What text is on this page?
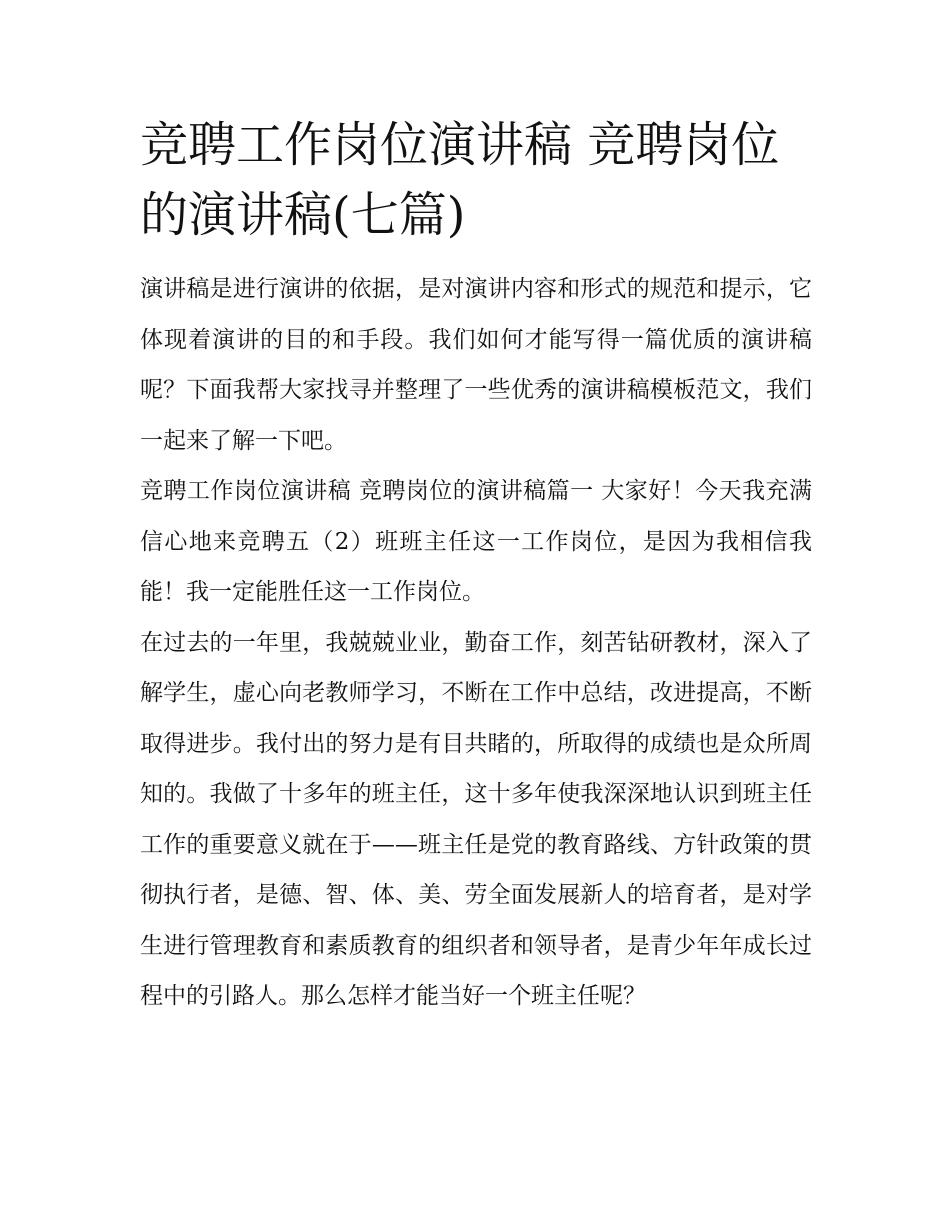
竞聘工作岗位演讲稿 竞聘岗位的演讲稿(七篇)

演讲稿是进行演讲的依据，是对演讲内容和形式的规范和提示，它体现着演讲的目的和手段。我们如何才能写得一篇优质的演讲稿呢？下面我帮大家找寻并整理了一些优秀的演讲稿模板范文，我们一起来了解一下吧。

竞聘工作岗位演讲稿 竞聘岗位的演讲稿篇一 大家好！今天我充满信心地来竞聘五（2）班班主任这一工作岗位，是因为我相信我能！我一定能胜任这一工作岗位。

在过去的一年里，我兢兢业业，勤奋工作，刻苦钻研教材，深入了解学生，虚心向老教师学习，不断在工作中总结，改进提高，不断取得进步。我付出的努力是有目共睹的，所取得的成绩也是众所周知的。我做了十多年的班主任，这十多年使我深深地认识到班主任工作的重要意义就在于——班主任是党的教育路线、方针政策的贯彻执行者，是德、智、体、美、劳全面发展新人的培育者，是对学生进行管理教育和素质教育的组织者和领导者，是青少年年成长过程中的引路人。那么怎样才能当好一个班主任呢？
